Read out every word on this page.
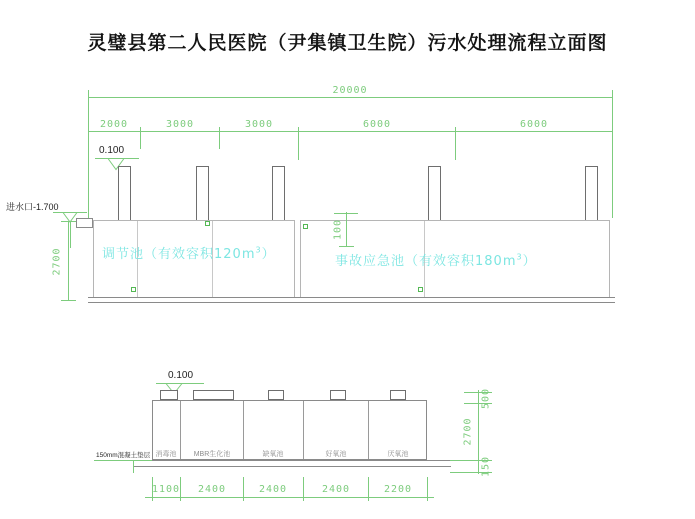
灵璧县第二人民医院（尹集镇卫生院）污水处理流程立面图
20000
2000	3000	3000	6000	6000
0.100
进水口-1.700
2700
100
调节池（有效容积$120m^3$）	事故应急池（有效容积$180m^3$）
0.100
消毒池	MBR生化池	缺氧池	好氧池	厌氧池
150mm混凝土垫层
500
2700
150
1100	2400	2400	2400	2200
